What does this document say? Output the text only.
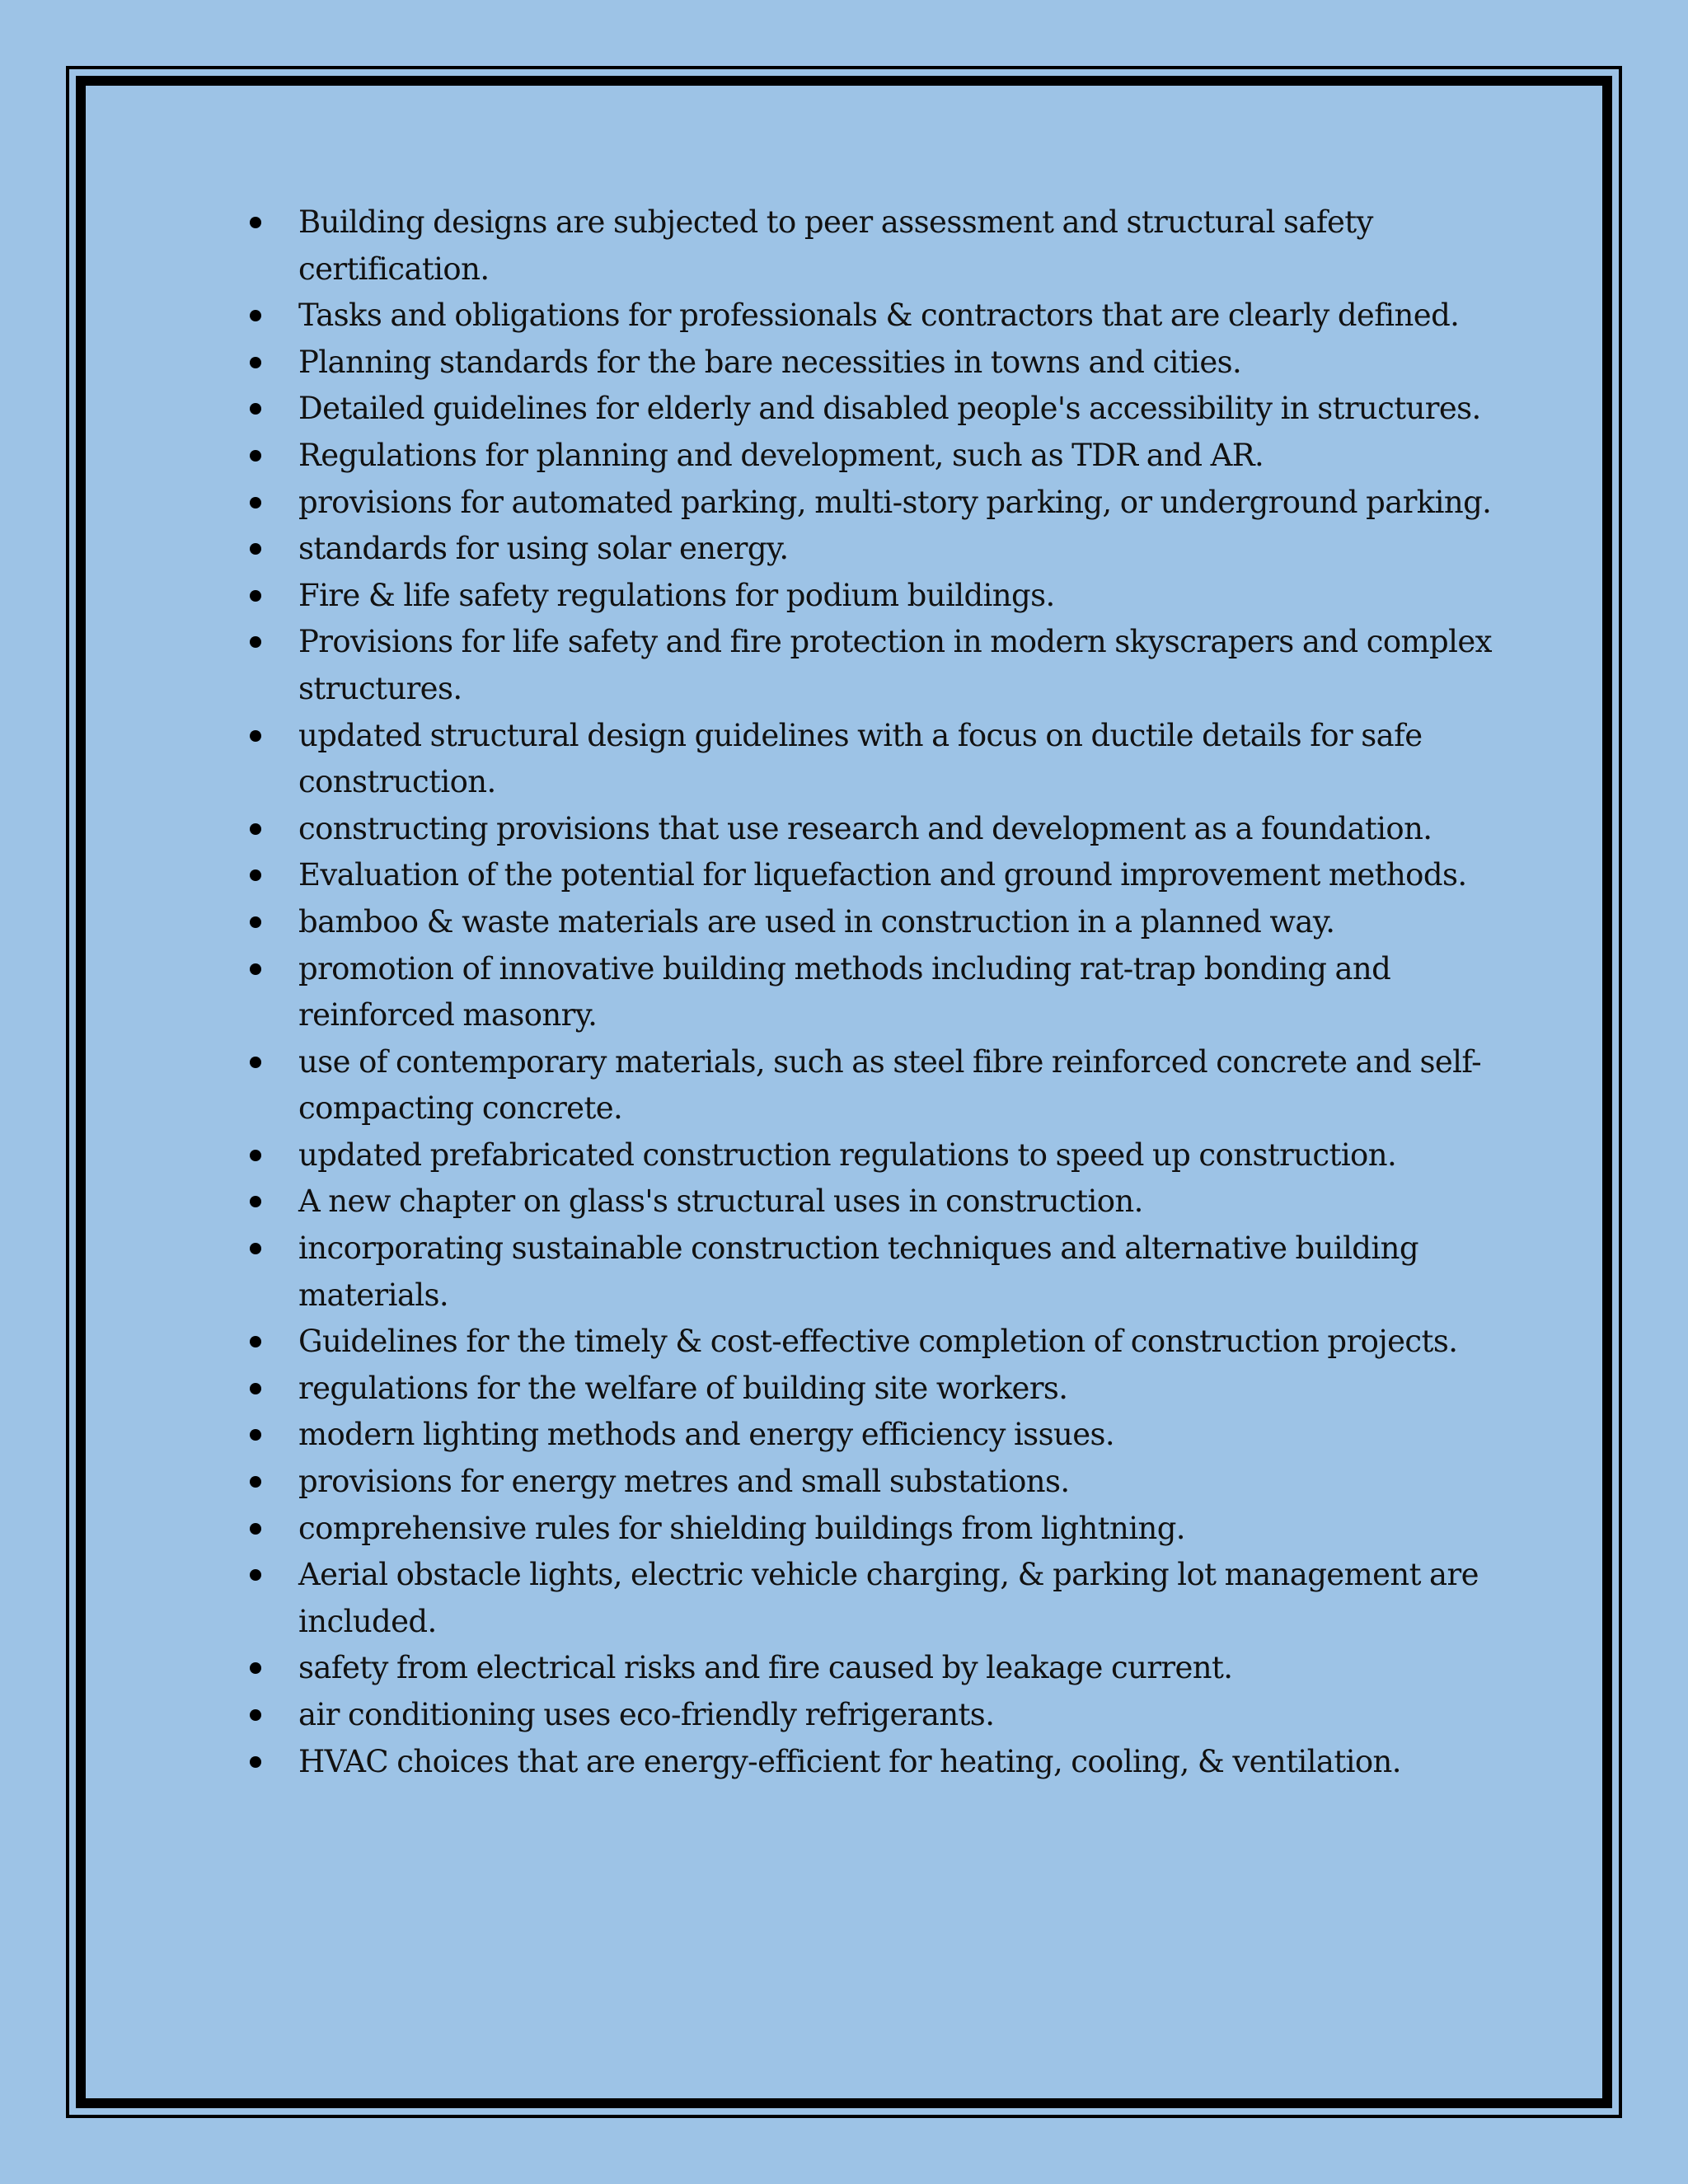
Building designs are subjected to peer assessment and structural safety certification.
Tasks and obligations for professionals & contractors that are clearly defined.
Planning standards for the bare necessities in towns and cities.
Detailed guidelines for elderly and disabled people's accessibility in structures.
Regulations for planning and development, such as TDR and AR.
provisions for automated parking, multi-story parking, or underground parking.
standards for using solar energy.
Fire & life safety regulations for podium buildings.
Provisions for life safety and fire protection in modern skyscrapers and complex structures.
updated structural design guidelines with a focus on ductile details for safe construction.
constructing provisions that use research and development as a foundation.
Evaluation of the potential for liquefaction and ground improvement methods.
bamboo & waste materials are used in construction in a planned way.
promotion of innovative building methods including rat-trap bonding and reinforced masonry.
use of contemporary materials, such as steel fibre reinforced concrete and self-compacting concrete.
updated prefabricated construction regulations to speed up construction.
A new chapter on glass's structural uses in construction.
incorporating sustainable construction techniques and alternative building materials.
Guidelines for the timely & cost-effective completion of construction projects.
regulations for the welfare of building site workers.
modern lighting methods and energy efficiency issues.
provisions for energy metres and small substations.
comprehensive rules for shielding buildings from lightning.
Aerial obstacle lights, electric vehicle charging, & parking lot management are included.
safety from electrical risks and fire caused by leakage current.
air conditioning uses eco-friendly refrigerants.
HVAC choices that are energy-efficient for heating, cooling, & ventilation.
